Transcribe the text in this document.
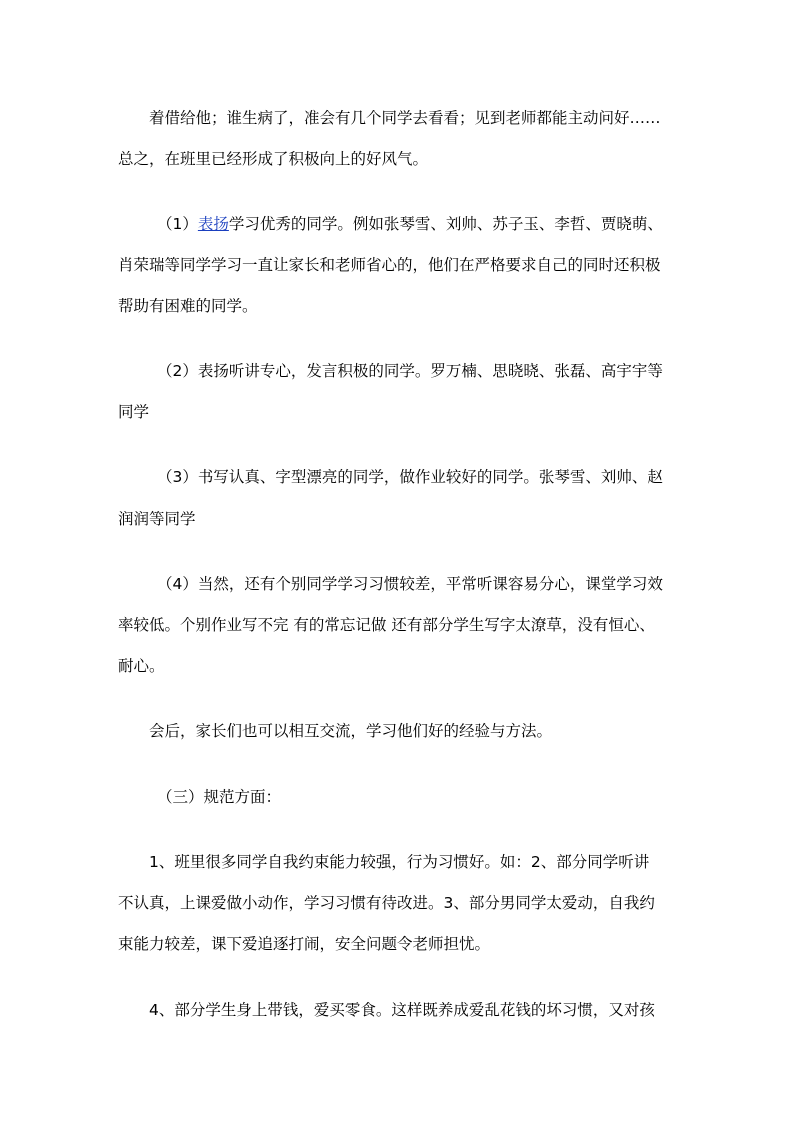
着借给他；谁生病了，准会有几个同学去看看；见到老师都能主动问好……

总之，在班里已经形成了积极向上的好风气。

（1）表扬学习优秀的同学。例如张琴雪、刘帅、苏子玉、李哲、贾晓萌、

肖荣瑞等同学学习一直让家长和老师省心的，他们在严格要求自己的同时还积极

帮助有困难的同学。

（2）表扬听讲专心，发言积极的同学。罗万楠、思晓晓、张磊、高宇宇等

同学

（3）书写认真、字型漂亮的同学，做作业较好的同学。张琴雪、刘帅、赵

润润等同学

（4）当然，还有个别同学学习习惯较差，平常听课容易分心，课堂学习效

率较低。个别作业写不完 有的常忘记做 还有部分学生写字太潦草，没有恒心、

耐心。

会后，家长们也可以相互交流，学习他们好的经验与方法。

（三）规范方面：

1、班里很多同学自我约束能力较强，行为习惯好。如：2、部分同学听讲

不认真，上课爱做小动作，学习习惯有待改进。3、部分男同学太爱动，自我约

束能力较差，课下爱追逐打闹，安全问题令老师担忧。

4、部分学生身上带钱，爱买零食。这样既养成爱乱花钱的坏习惯，又对孩
